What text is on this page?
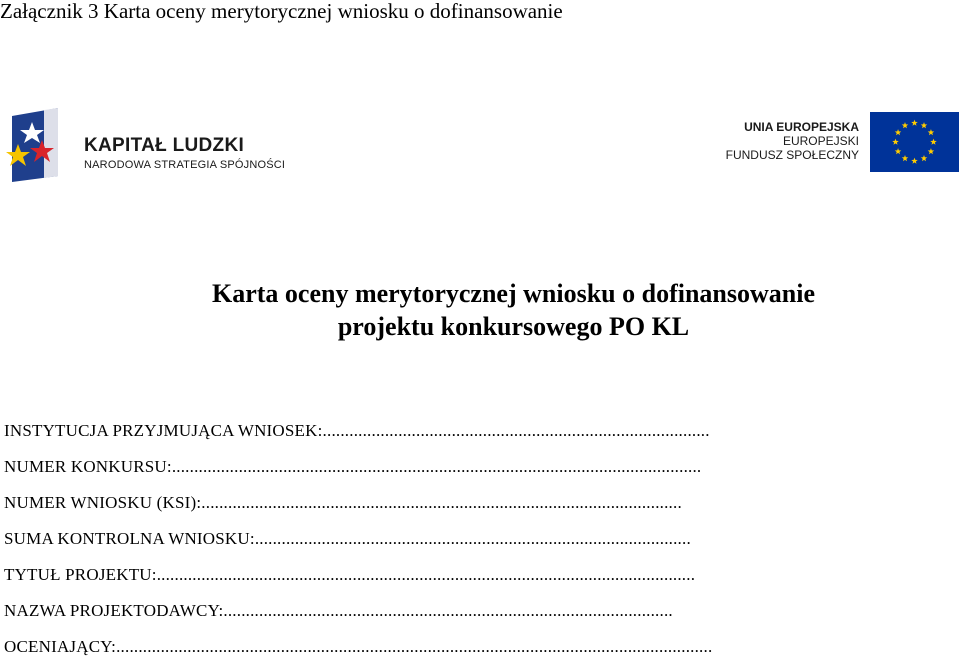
Załącznik 3 Karta oceny merytorycznej wniosku o dofinansowanie
KAPITAŁ LUDZKI
NARODOWA STRATEGIA SPÓJNOŚCI
UNIA EUROPEJSKA
EUROPEJSKI
FUNDUSZ SPOŁECZNY
Karta oceny merytorycznej wniosku o dofinansowanie
projektu konkursowego PO KL
INSTYTUCJA PRZYJMUJĄCA WNIOSEK:.......................................................................................
NUMER KONKURSU:.......................................................................................................................
NUMER WNIOSKU (KSI):............................................................................................................
SUMA KONTROLNA WNIOSKU:..................................................................................................
TYTUŁ PROJEKTU:.........................................................................................................................
NAZWA PROJEKTODAWCY:.....................................................................................................
OCENIAJĄCY:......................................................................................................................................
